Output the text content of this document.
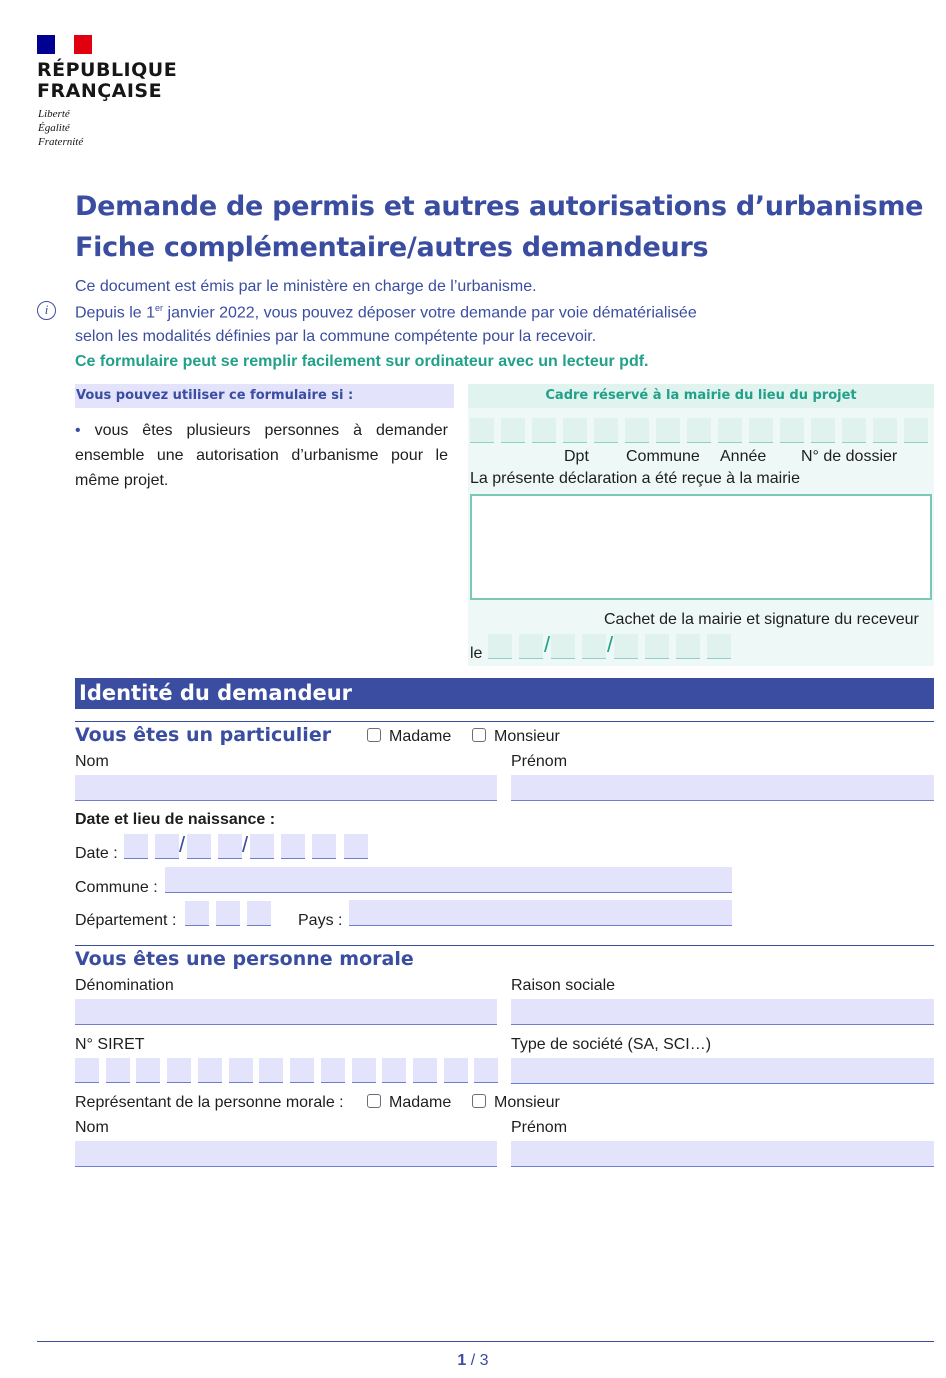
RÉPUBLIQUE
FRANÇAISE
Liberté
Égalité
Fraternité
Demande de permis et autres autorisations d’urbanisme
Fiche complémentaire/autres demandeurs
i
Ce document est émis par le ministère en charge de l’urbanisme.
Depuis le 1er janvier 2022, vous pouvez déposer votre demande par voie dématérialisée
selon les modalités définies par la commune compétente pour la recevoir.
Ce formulaire peut se remplir facilement sur ordinateur avec un lecteur pdf.
Vous pouvez utiliser ce formulaire si :
• vous êtes plusieurs personnes à demander ensemble une autorisation d’urbanisme pour le même projet.
Cadre réservé à la mairie du lieu du projet
Dpt Commune Année N° de dossier
La présente déclaration a été reçue à la mairie
Cachet de la mairie et signature du receveur
le	/	/
Identité du demandeur
Vous êtes un particulier	Madame	Monsieur
Nom	Prénom
Date et lieu de naissance :
Date :	/	/
Commune :
Département :	Pays :
Vous êtes une personne morale
Dénomination	Raison sociale
N° SIRET	Type de société (SA, SCI…)
Représentant de la personne morale :	Madame	Monsieur
Nom	Prénom
1 / 3
